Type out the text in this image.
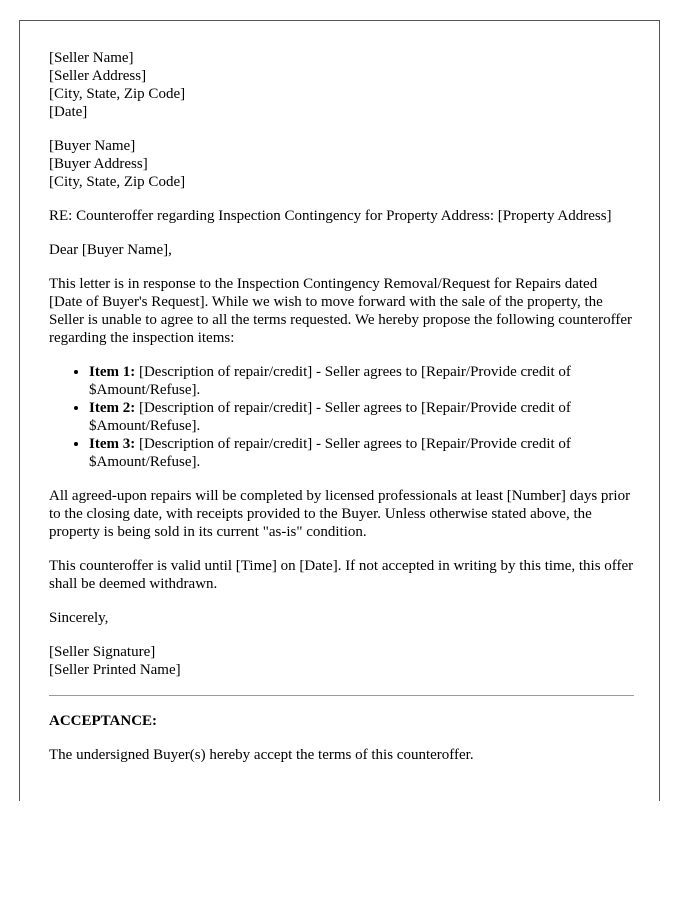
[Seller Name]
[Seller Address]
[City, State, Zip Code]
[Date]

[Buyer Name]
[Buyer Address]
[City, State, Zip Code]

RE: Counteroffer regarding Inspection Contingency for Property Address: [Property Address]

Dear [Buyer Name],

This letter is in response to the Inspection Contingency Removal/Request for Repairs dated [Date of Buyer's Request]. While we wish to move forward with the sale of the property, the Seller is unable to agree to all the terms requested. We hereby propose the following counteroffer regarding the inspection items:

• Item 1: [Description of repair/credit] - Seller agrees to [Repair/Provide credit of $Amount/Refuse].
• Item 2: [Description of repair/credit] - Seller agrees to [Repair/Provide credit of $Amount/Refuse].
• Item 3: [Description of repair/credit] - Seller agrees to [Repair/Provide credit of $Amount/Refuse].

All agreed-upon repairs will be completed by licensed professionals at least [Number] days prior to the closing date, with receipts provided to the Buyer. Unless otherwise stated above, the property is being sold in its current "as-is" condition.

This counteroffer is valid until [Time] on [Date]. If not accepted in writing by this time, this offer shall be deemed withdrawn.

Sincerely,

[Seller Signature]
[Seller Printed Name]

ACCEPTANCE:

The undersigned Buyer(s) hereby accept the terms of this counteroffer.
